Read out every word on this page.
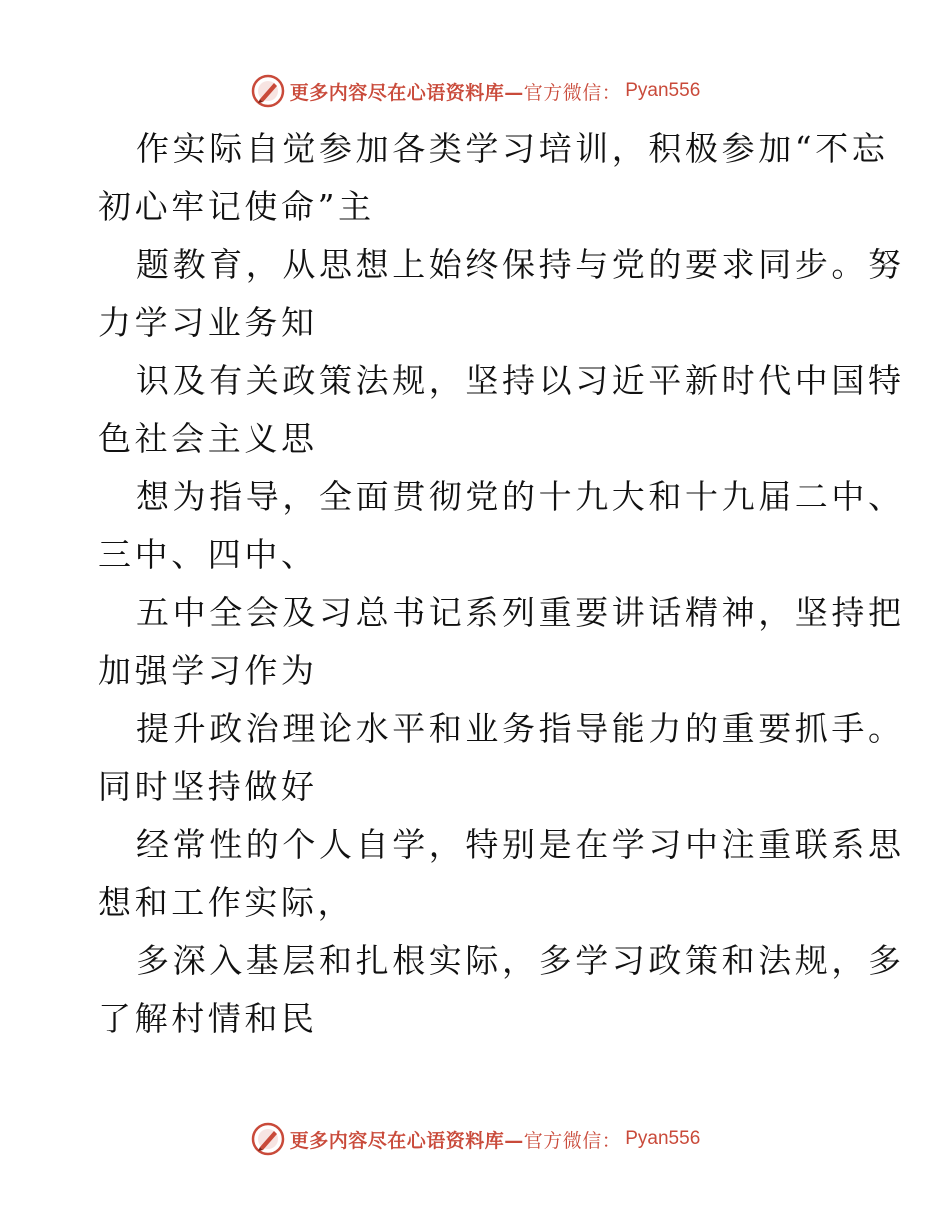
更多内容尽在心语资料库—官方微信： Pyan556

作实际自觉参加各类学习培训，积极参加“不忘
初心牢记使命”主

题教育，从思想上始终保持与党的要求同步。努
力学习业务知

识及有关政策法规，坚持以习近平新时代中国特
色社会主义思

想为指导，全面贯彻党的十九大和十九届二中、
三中、四中、

五中全会及习总书记系列重要讲话精神，坚持把
加强学习作为

提升政治理论水平和业务指导能力的重要抓手。
同时坚持做好

经常性的个人自学，特别是在学习中注重联系思
想和工作实际，

多深入基层和扎根实际，多学习政策和法规，多
了解村情和民

更多内容尽在心语资料库—官方微信： Pyan556
